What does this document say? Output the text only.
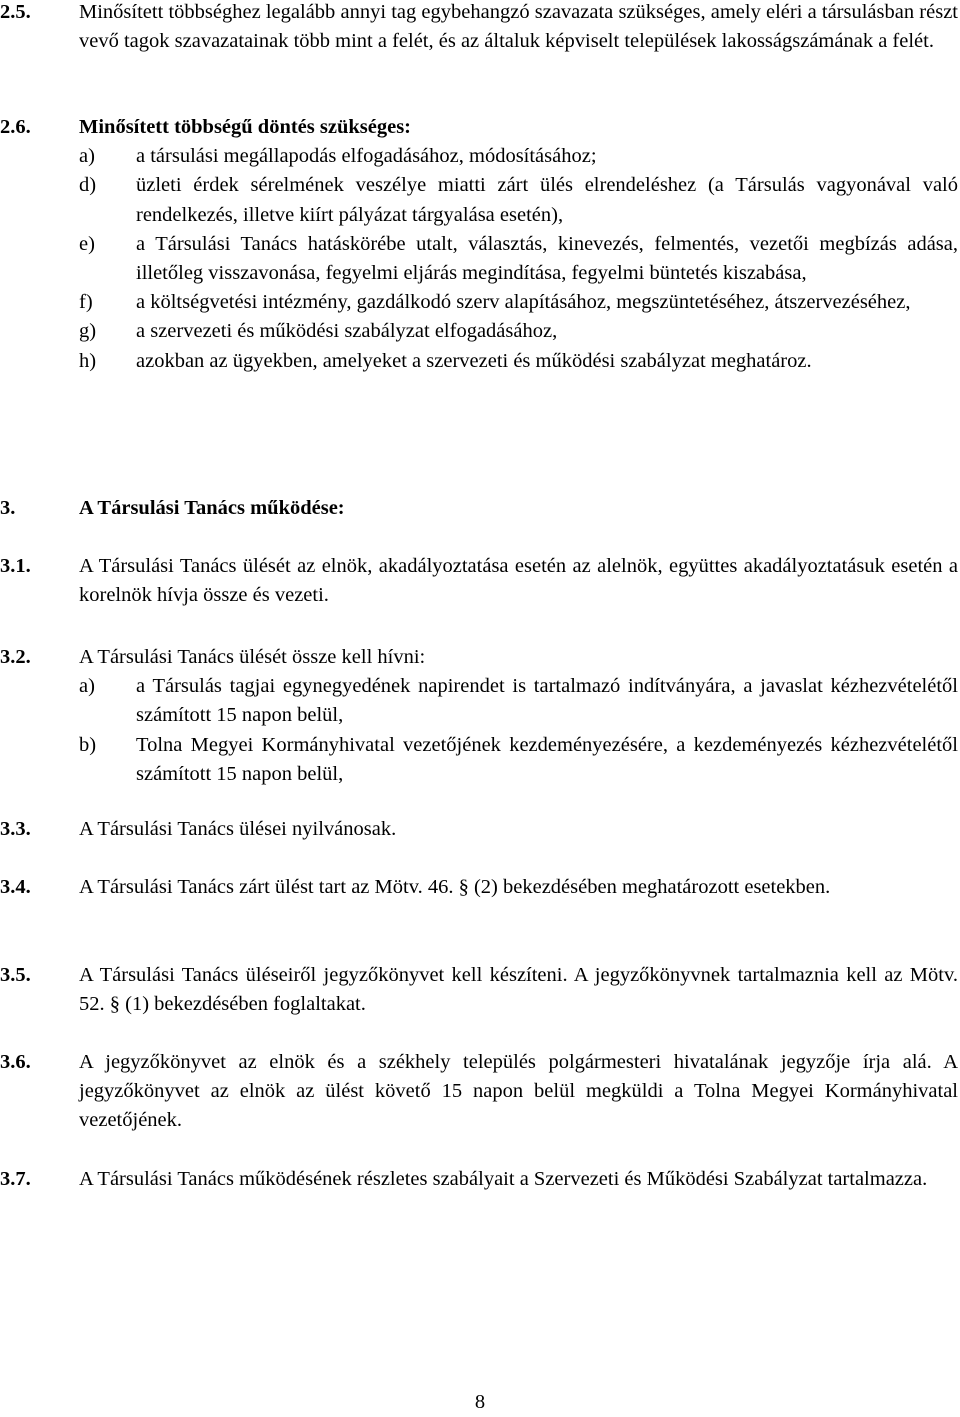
2.5. Minősített többséghez legalább annyi tag egybehangzó szavazata szükséges, amely eléri a társulásban részt vevő tagok szavazatainak több mint a felét, és az általuk képviselt települések lakosságszámának a felét.
2.6. Minősített többségű döntés szükséges:
a) a társulási megállapodás elfogadásához, módosításához;
d) üzleti érdek sérelmének veszélye miatti zárt ülés elrendeléshez (a Társulás vagyonával való rendelkezés, illetve kiírt pályázat tárgyalása esetén),
e) a Társulási Tanács hatáskörébe utalt, választás, kinevezés, felmentés, vezetői megbízás adása, illetőleg visszavonása, fegyelmi eljárás megindítása, fegyelmi büntetés kiszabása,
f) a költségvetési intézmény, gazdálkodó szerv alapításához, megszüntetéséhez, átszervezéséhez,
g) a szervezeti és működési szabályzat elfogadásához,
h) azokban az ügyekben, amelyeket a szervezeti és működési szabályzat meghatároz.
3.	A Társulási Tanács működése:
3.1. A Társulási Tanács ülését az elnök, akadályoztatása esetén az alelnök, együttes akadályoztatásuk esetén a korelnök hívja össze és vezeti.
3.2. A Társulási Tanács ülését össze kell hívni:
a) a Társulás tagjai egynegyedének napirendet is tartalmazó indítványára, a javaslat kézhezvételétől számított 15 napon belül,
b) Tolna Megyei Kormányhivatal vezetőjének kezdeményezésére, a kezdeményezés kézhezvételétől számított 15 napon belül,
3.3. A Társulási Tanács ülései nyilvánosak.
3.4. A Társulási Tanács zárt ülést tart az Mötv. 46. § (2) bekezdésében meghatározott esetekben.
3.5. A Társulási Tanács üléseiről jegyzőkönyvet kell készíteni. A jegyzőkönyvnek tartalmaznia kell az Mötv. 52. § (1) bekezdésében foglaltakat.
3.6. A jegyzőkönyvet az elnök és a székhely település polgármesteri hivatalának jegyzője írja alá. A jegyzőkönyvet az elnök az ülést követő 15 napon belül megküldi a Tolna Megyei Kormányhivatal vezetőjének.
3.7. A Társulási Tanács működésének részletes szabályait a Szervezeti és Működési Szabályzat tartalmazza.
8
